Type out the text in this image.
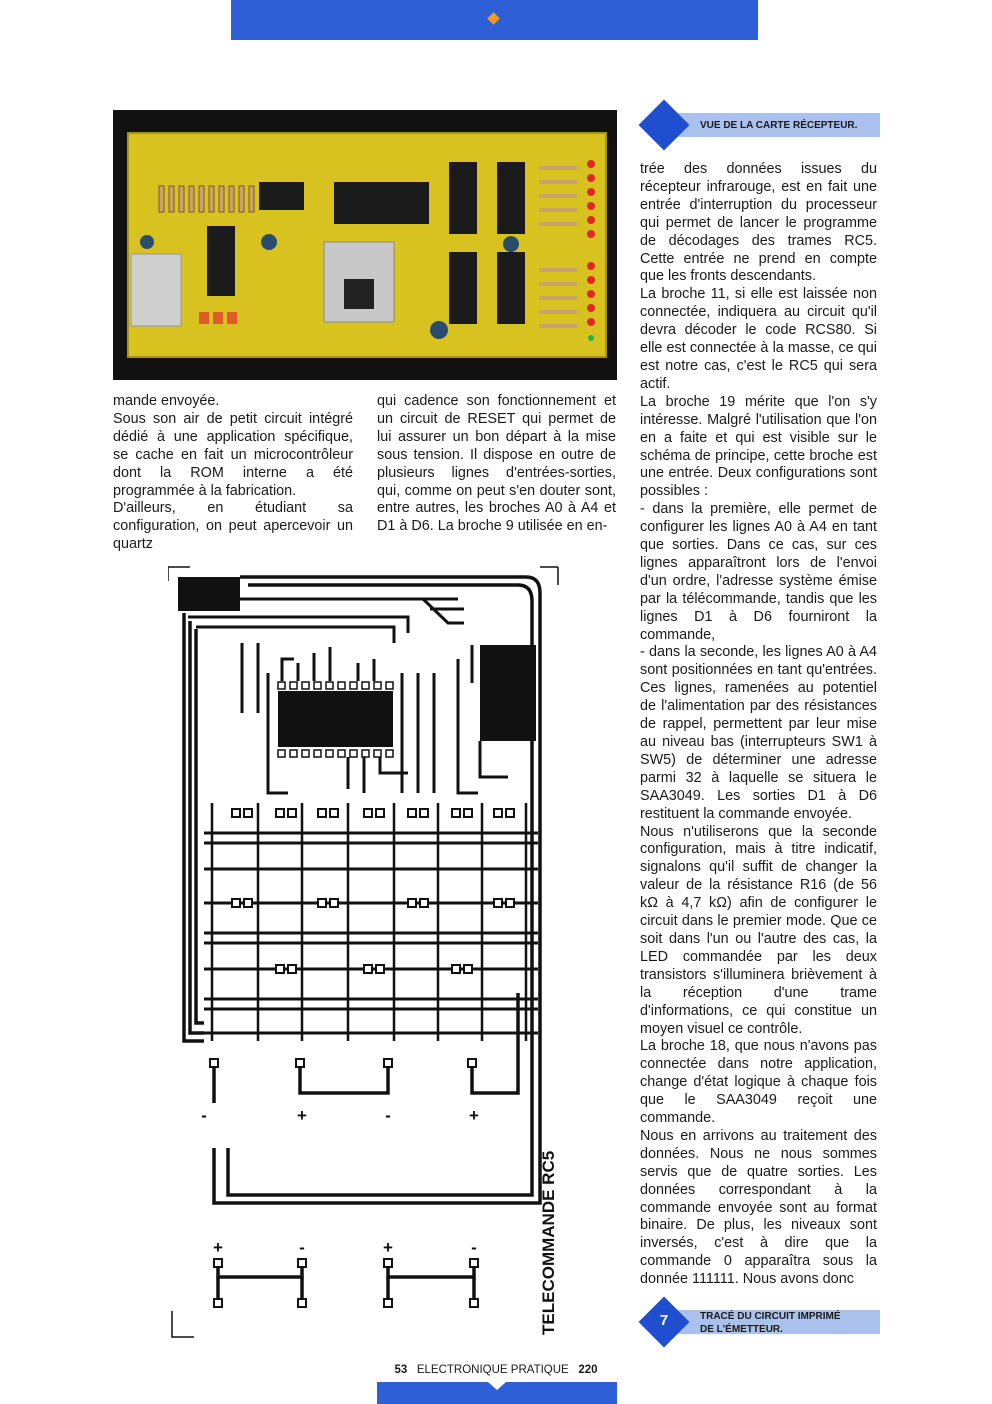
VUE DE LA CARTE RÉCEPTEUR.

mande envoyée.

Sous son air de petit circuit intégré dédié à une application spécifique, se cache en fait un microcontrôleur dont la ROM interne a été programmée à la fabrication.

D'ailleurs, en étudiant sa configuration, on peut apercevoir un quartz

qui cadence son fonctionnement et un circuit de RESET qui permet de lui assurer un bon départ à la mise sous tension. Il dispose en outre de plusieurs lignes d'entrées-sorties, qui, comme on peut s'en douter sont, entre autres, les broches A0 à A4 et D1 à D6. La broche 9 utilisée en en-

trée des données issues du récepteur infrarouge, est en fait une entrée d'interruption du processeur qui permet de lancer le programme de décodages des trames RC5. Cette entrée ne prend en compte que les fronts descendants.

La broche 11, si elle est laissée non connectée, indiquera au circuit qu'il devra décoder le code RCS80. Si elle est connectée à la masse, ce qui est notre cas, c'est le RC5 qui sera actif.

La broche 19 mérite que l'on s'y intéresse. Malgré l'utilisation que l'on en a faite et qui est visible sur le schéma de principe, cette broche est une entrée. Deux configurations sont possibles :

- dans la première, elle permet de configurer les lignes A0 à A4 en tant que sorties. Dans ce cas, sur ces lignes apparaîtront lors de l'envoi d'un ordre, l'adresse système émise par la télécommande, tandis que les lignes D1 à D6 fourniront la commande,

- dans la seconde, les lignes A0 à A4 sont positionnées en tant qu'entrées. Ces lignes, ramenées au potentiel de l'alimentation par des résistances de rappel, permettent par leur mise au niveau bas (interrupteurs SW1 à SW5) de déterminer une adresse parmi 32 à laquelle se situera le SAA3049. Les sorties D1 à D6 restituent la commande envoyée.

Nous n'utiliserons que la seconde configuration, mais à titre indicatif, signalons qu'il suffit de changer la valeur de la résistance R16 (de 56 kΩ à 4,7 kΩ) afin de configurer le circuit dans le premier mode. Que ce soit dans l'un ou l'autre des cas, la LED commandée par les deux transistors s'illuminera brièvement à la réception d'une trame d'informations, ce qui constitue un moyen visuel ce contrôle.

La broche 18, que nous n'avons pas connectée dans notre application, change d'état logique à chaque fois que le SAA3049 reçoit une commande.

Nous en arrivons au traitement des données. Nous ne nous sommes servis que de quatre sorties. Les données correspondant à la commande envoyée sont au format binaire. De plus, les niveaux sont inversés, c'est à dire que la commande 0 apparaîtra sous la donnée 111111. Nous avons donc

-	+	-	+
+	-	+	-	TELECOMMANDE RC5	7	TRACÉ DU CIRCUIT IMPRIMÉ
DE L'ÉMETTEUR.
53 ELECTRONIQUE PRATIQUE 220
